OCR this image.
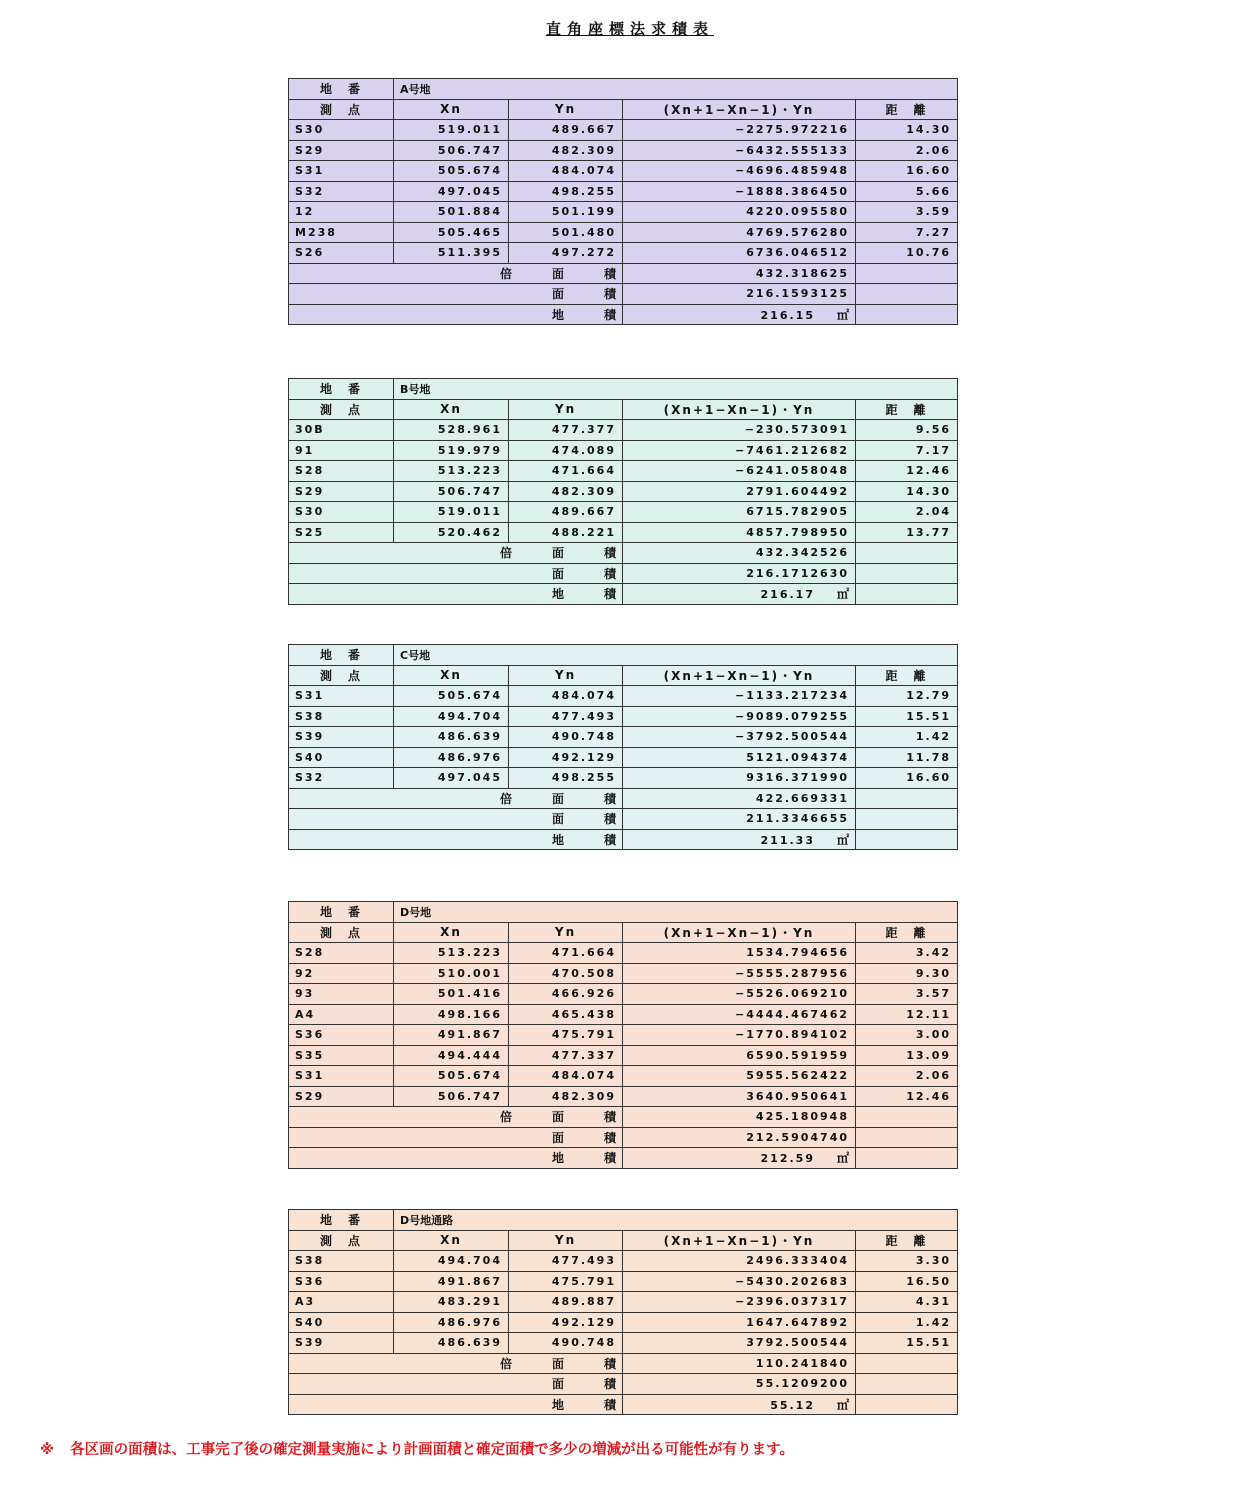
直角座標法求積表
地　番	A号地			
測　点	Xn	Yn	(Xn+1−Xn−1)・Yn	距　離
S30	519.011	489.667	−2275.972216	14.30
S29	506.747	482.309	−6432.555133	2.06
S31	505.674	484.074	−4696.485948	16.60
S32	497.045	498.255	−1888.386450	5.66
12	501.884	501.199	4220.095580	3.59
M238	505.465	501.480	4769.576280	7.27
S26	511.395	497.272	6736.046512	10.76
倍面積			432.318625	
面積			216.1593125	
地積			216.15 ㎡	
地　番	B号地			
測　点	Xn	Yn	(Xn+1−Xn−1)・Yn	距　離
30B	528.961	477.377	−230.573091	9.56
91	519.979	474.089	−7461.212682	7.17
S28	513.223	471.664	−6241.058048	12.46
S29	506.747	482.309	2791.604492	14.30
S30	519.011	489.667	6715.782905	2.04
S25	520.462	488.221	4857.798950	13.77
倍面積			432.342526	
面積			216.1712630	
地積			216.17 ㎡	
地　番	C号地			
測　点	Xn	Yn	(Xn+1−Xn−1)・Yn	距　離
S31	505.674	484.074	−1133.217234	12.79
S38	494.704	477.493	−9089.079255	15.51
S39	486.639	490.748	−3792.500544	1.42
S40	486.976	492.129	5121.094374	11.78
S32	497.045	498.255	9316.371990	16.60
倍面積			422.669331	
面積			211.3346655	
地積			211.33 ㎡	
地　番	D号地			
測　点	Xn	Yn	(Xn+1−Xn−1)・Yn	距　離
S28	513.223	471.664	1534.794656	3.42
92	510.001	470.508	−5555.287956	9.30
93	501.416	466.926	−5526.069210	3.57
A4	498.166	465.438	−4444.467462	12.11
S36	491.867	475.791	−1770.894102	3.00
S35	494.444	477.337	6590.591959	13.09
S31	505.674	484.074	5955.562422	2.06
S29	506.747	482.309	3640.950641	12.46
倍面積			425.180948	
面積			212.5904740	
地積			212.59 ㎡	
地　番	D号地通路			
測　点	Xn	Yn	(Xn+1−Xn−1)・Yn	距　離
S38	494.704	477.493	2496.333404	3.30
S36	491.867	475.791	−5430.202683	16.50
A3	483.291	489.887	−2396.037317	4.31
S40	486.976	492.129	1647.647892	1.42
S39	486.639	490.748	3792.500544	15.51
倍面積			110.241840	
面積			55.1209200	
地積			55.12 ㎡	
※ 各区画の面積は、工事完了後の確定測量実施により計画面積と確定面積で多少の増減が出る可能性が有ります。
